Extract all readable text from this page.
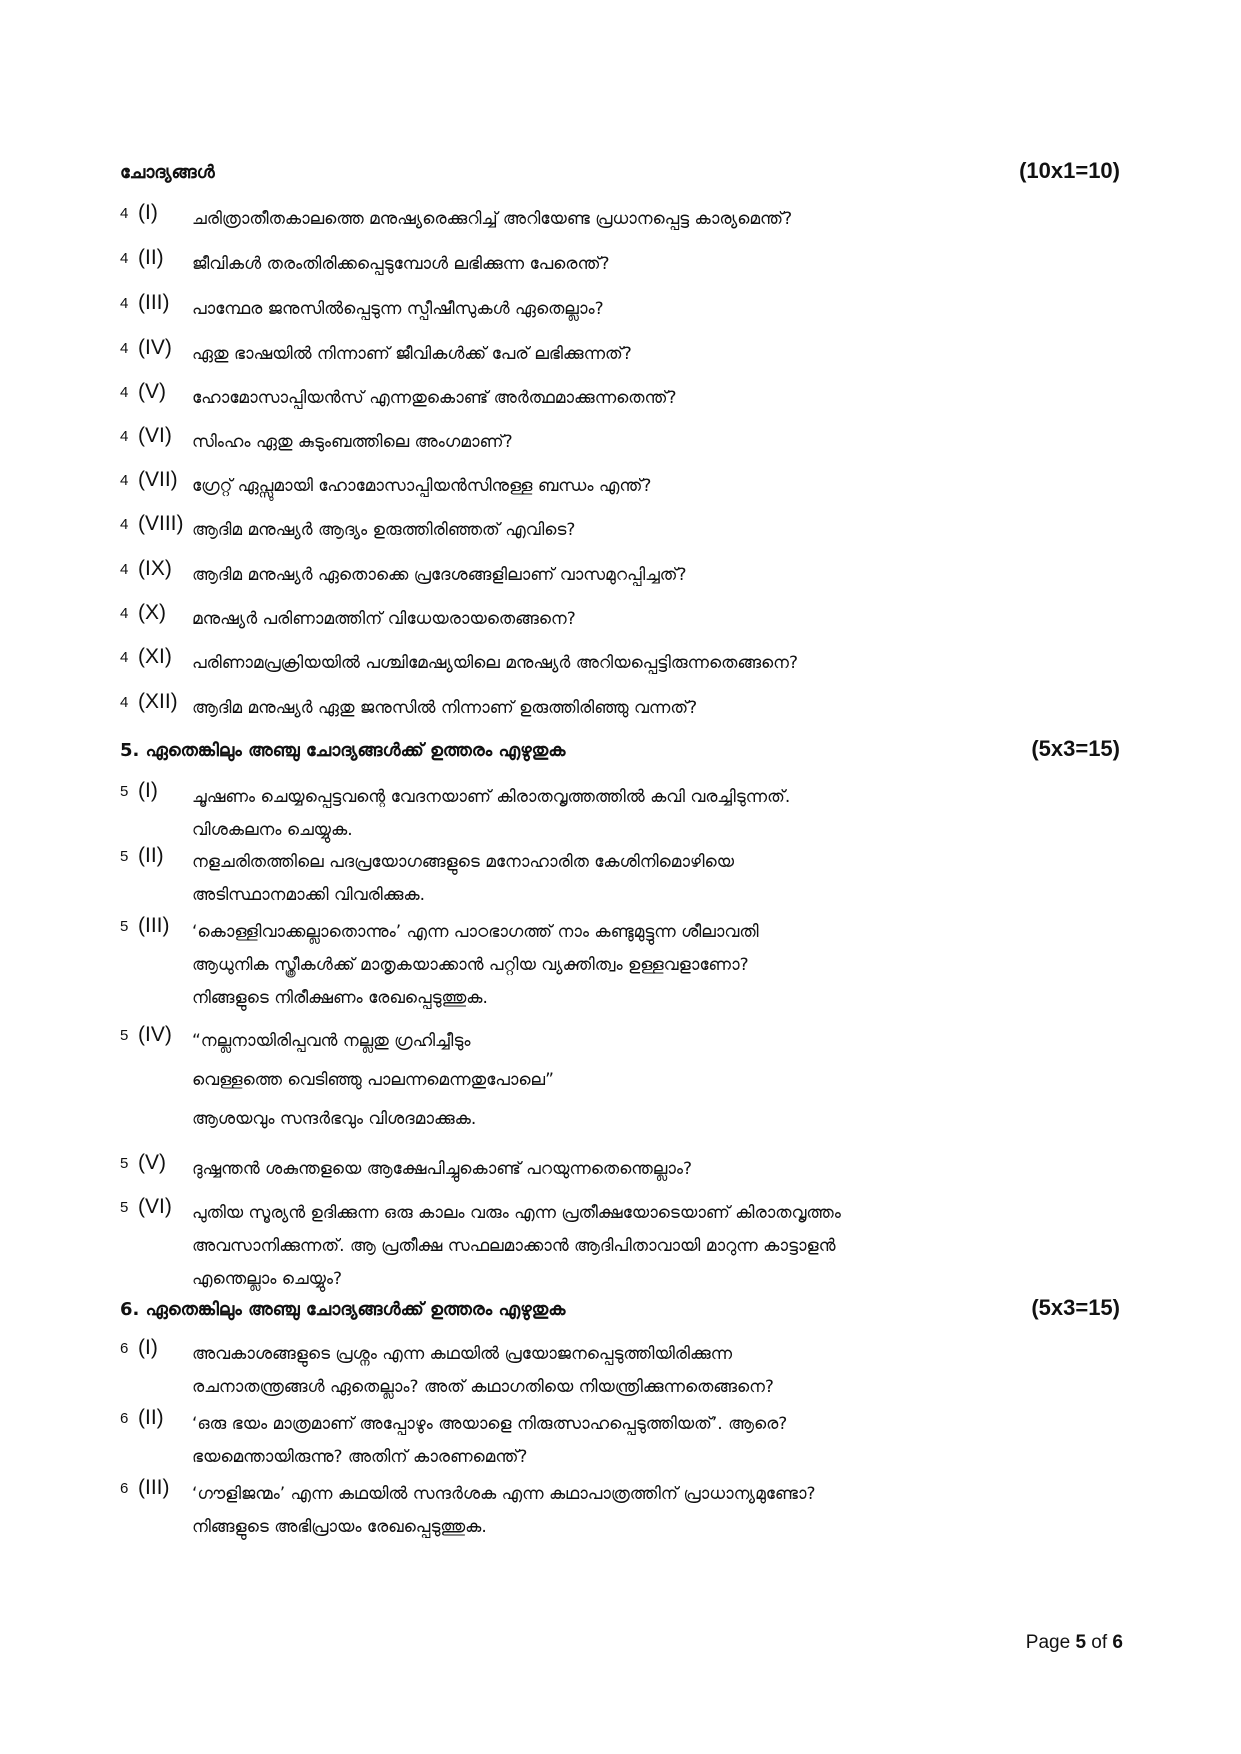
ചോദ്യങ്ങൾ	(10x1=10)
4 (I) ചരിത്രാതീതകാലത്തെ മനുഷ്യരെക്കുറിച്ച് അറിയേണ്ട പ്രധാനപ്പെട്ട കാര്യമെന്ത്?
4 (II) ജീവികൾ തരംതിരിക്കപ്പെടുമ്പോൾ ലഭിക്കുന്ന പേരെന്ത്?
4 (III) പാന്ഥേര ജനുസിൽപ്പെടുന്ന സ്പീഷീസുകൾ ഏതെല്ലാം?
4 (IV) ഏതു ഭാഷയിൽ നിന്നാണ് ജീവികൾക്ക് പേര് ലഭിക്കുന്നത്?
4 (V) ഹോമോസാപ്പിയൻസ് എന്നതുകൊണ്ട് അർത്ഥമാക്കുന്നതെന്ത്?
4 (VI) സിംഹം ഏതു കുടുംബത്തിലെ അംഗമാണ്?
4 (VII) ഗ്രേറ്റ് ഏപ്സുമായി ഹോമോസാപ്പിയൻസിനുള്ള ബന്ധം എന്ത്?
4 (VIII) ആദിമ മനുഷ്യർ ആദ്യം ഉരുത്തിരിഞ്ഞത് എവിടെ?
4 (IX) ആദിമ മനുഷ്യർ ഏതൊക്കെ പ്രദേശങ്ങളിലാണ് വാസമുറപ്പിച്ചത്?
4 (X) മനുഷ്യർ പരിണാമത്തിന് വിധേയരായതെങ്ങനെ?
4 (XI) പരിണാമപ്രക്രിയയിൽ പശ്ചിമേഷ്യയിലെ മനുഷ്യർ അറിയപ്പെട്ടിരുന്നതെങ്ങനെ?
4 (XII) ആദിമ മനുഷ്യർ ഏതു ജനുസിൽ നിന്നാണ് ഉരുത്തിരിഞ്ഞു വന്നത്?
5. ഏതെങ്കിലും അഞ്ചു ചോദ്യങ്ങൾക്ക് ഉത്തരം എഴുതുക	(5x3=15)
5 (I) ചൂഷണം ചെയ്യപ്പെട്ടവന്റെ വേദനയാണ് കിരാതവൃത്തത്തിൽ കവി വരച്ചിടുന്നത്.
വിശകലനം ചെയ്യുക.
5 (II) നളചരിതത്തിലെ പദപ്രയോഗങ്ങളുടെ മനോഹാരിത കേശിനിമൊഴിയെ
അടിസ്ഥാനമാക്കി വിവരിക്കുക.
5 (III) ‘കൊള്ളിവാക്കല്ലാതൊന്നും’ എന്ന പാഠഭാഗത്ത് നാം കണ്ടുമുട്ടുന്ന ശീലാവതി
ആധുനിക സ്ത്രീകൾക്ക് മാതൃകയാക്കാൻ പറ്റിയ വ്യക്തിത്വം ഉള്ളവളാണോ?
നിങ്ങളുടെ നിരീക്ഷണം രേഖപ്പെടുത്തുക.
5 (IV) “നല്ലനായിരിപ്പവൻ നല്ലതു ഗ്രഹിച്ചീടും
വെള്ളത്തെ വെടിഞ്ഞു പാലന്നമെന്നതുപോലെ”
ആശയവും സന്ദർഭവും വിശദമാക്കുക.
5 (V) ദുഷ്ഷന്തൻ ശകുന്തളയെ ആക്ഷേപിച്ചുകൊണ്ട് പറയുന്നതെന്തെല്ലാം?
5 (VI) പുതിയ സൂര്യൻ ഉദിക്കുന്ന ഒരു കാലം വരും എന്ന പ്രതീക്ഷയോടെയാണ് കിരാതവൃത്തം
അവസാനിക്കുന്നത്. ആ പ്രതീക്ഷ സഫലമാക്കാൻ ആദിപിതാവായി മാറുന്ന കാട്ടാളൻ
എന്തെല്ലാം ചെയ്യും?
6. ഏതെങ്കിലും അഞ്ചു ചോദ്യങ്ങൾക്ക് ഉത്തരം എഴുതുക	(5x3=15)
6 (I) അവകാശങ്ങളുടെ പ്രശ്നം എന്ന കഥയിൽ പ്രയോജനപ്പെടുത്തിയിരിക്കുന്ന
രചനാതന്ത്രങ്ങൾ ഏതെല്ലാം? അത് കഥാഗതിയെ നിയന്ത്രിക്കുന്നതെങ്ങനെ?
6 (II) ‘ഒരു ഭയം മാത്രമാണ് അപ്പോഴും അയാളെ നിരുത്സാഹപ്പെടുത്തിയത്’. ആരെ?
ഭയമെന്തായിരുന്നു? അതിന് കാരണമെന്ത്?
6 (III) ‘ഗൗളിജന്മം’ എന്ന കഥയിൽ സന്ദർശക എന്ന കഥാപാത്രത്തിന് പ്രാധാന്യമുണ്ടോ?
നിങ്ങളുടെ അഭിപ്രായം രേഖപ്പെടുത്തുക.
Page 5 of 6
